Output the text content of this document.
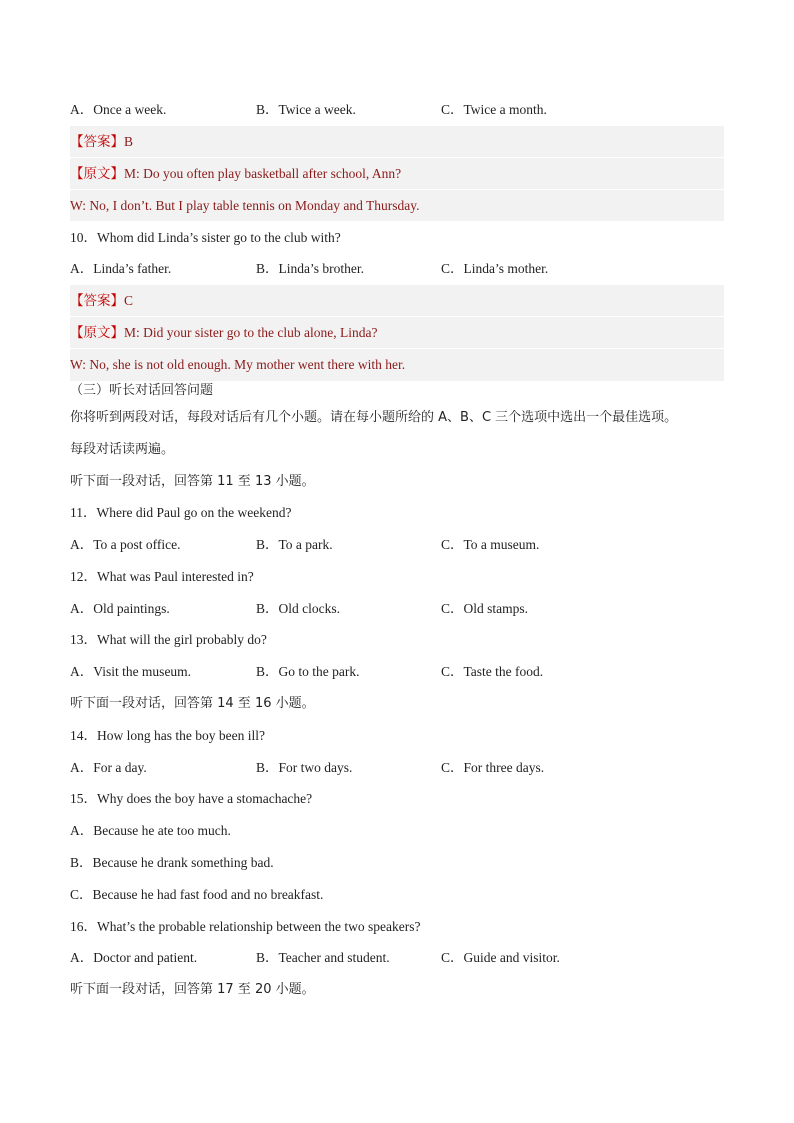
A．Once a week.	B．Twice a week.	C．Twice a month.
【答案】B
【原文】M: Do you often play basketball after school, Ann?
W: No, I don’t. But I play table tennis on Monday and Thursday.
10．Whom did Linda’s sister go to the club with?
A．Linda’s father.	B．Linda’s brother.	C．Linda’s mother.
【答案】C
【原文】M: Did your sister go to the club alone, Linda?
W: No, she is not old enough. My mother went there with her.
（三）听长对话回答问题
你将听到两段对话，每段对话后有几个小题。请在每小题所给的 A、B、C 三个选项中选出一个最佳选项。
每段对话读两遍。
听下面一段对话，回答第 11 至 13 小题。
11．Where did Paul go on the weekend?
A．To a post office.	B．To a park.	C．To a museum.
12．What was Paul interested in?
A．Old paintings.	B．Old clocks.	C．Old stamps.
13．What will the girl probably do?
A．Visit the museum.	B．Go to the park.	C．Taste the food.
听下面一段对话，回答第 14 至 16 小题。
14．How long has the boy been ill?
A．For a day.	B．For two days.	C．For three days.
15．Why does the boy have a stomachache?
A．Because he ate too much.
B．Because he drank something bad.
C．Because he had fast food and no breakfast.
16．What’s the probable relationship between the two speakers?
A．Doctor and patient.	B．Teacher and student.	C．Guide and visitor.
听下面一段对话，回答第 17 至 20 小题。
